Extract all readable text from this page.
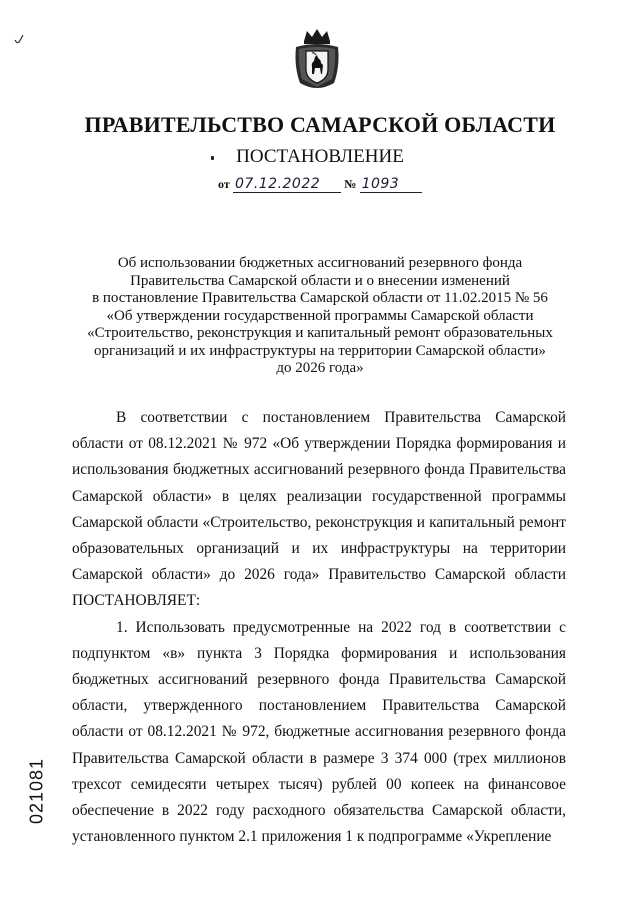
ПРАВИТЕЛЬСТВО САМАРСКОЙ ОБЛАСТИ
ПОСТАНОВЛЕНИЕ
от 07.12.2022 № 1093
Об использовании бюджетных ассигнований резервного фонда
Правительства Самарской области и о внесении изменений
в постановление Правительства Самарской области от 11.02.2015 № 56
«Об утверждении государственной программы Самарской области
«Строительство, реконструкция и капитальный ремонт образовательных
организаций и их инфраструктуры на территории Самарской области»
до 2026 года»

В соответствии с постановлением Правительства Самарской области от 08.12.2021 № 972 «Об утверждении Порядка формирования и использования бюджетных ассигнований резервного фонда Правительства Самарской области» в целях реализации государственной программы Самарской области «Строительство, реконструкция и капитальный ремонт образовательных организаций и их инфраструктуры на территории Самарской области» до 2026 года» Правительство Самарской области ПОСТАНОВЛЯЕТ:

1. Использовать предусмотренные на 2022 год в соответствии с подпунктом «в» пункта 3 Порядка формирования и использования бюджетных ассигнований резервного фонда Правительства Самарской области, утвержденного постановлением Правительства Самарской области от 08.12.2021 № 972, бюджетные ассигнования резервного фонда Правительства Самарской области в размере 3 374 000 (трех миллионов трехсот семидесяти четырех тысяч) рублей 00 копеек на финансовое обеспечение в 2022 году расходного обязательства Самарской области, установленного пунктом 2.1 приложения 1 к подпрограмме «Укрепление

021081
